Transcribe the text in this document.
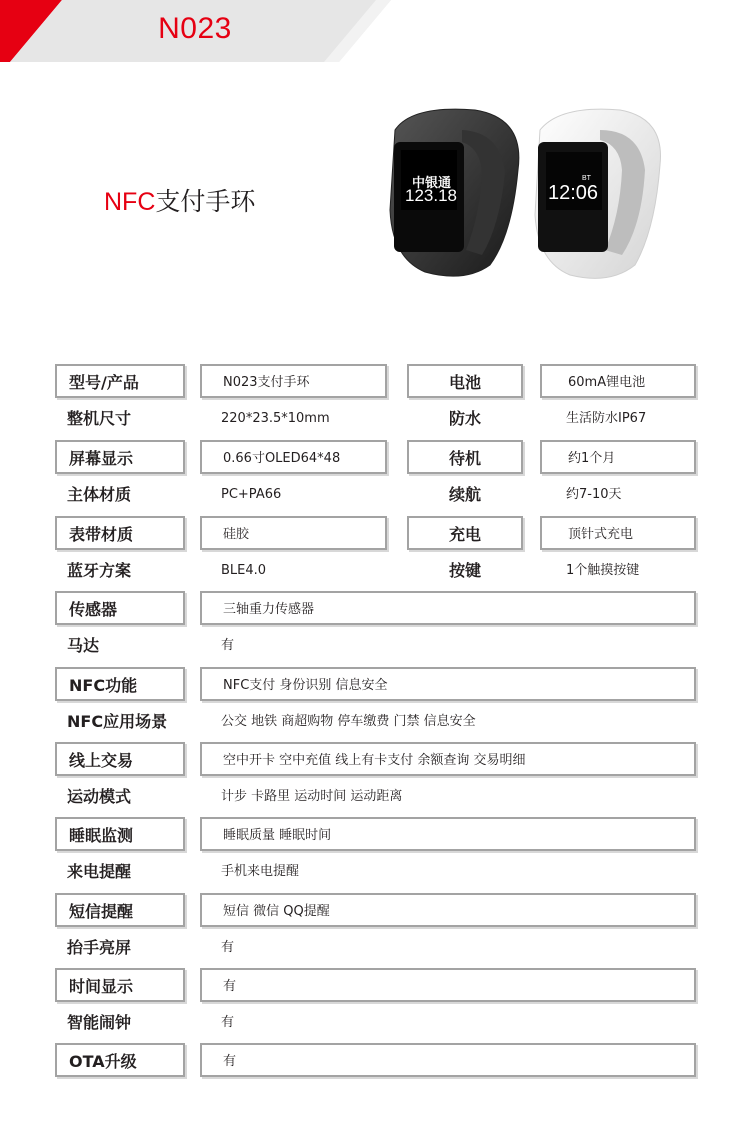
N023
NFC支付手环
中银通
123.18	12:06
BT
型号/产品	N023支付手环	电池	60mA锂电池
整机尺寸	220*23.5*10mm	防水	生活防水IP67
屏幕显示	0.66寸OLED64*48	待机	约1个月
主体材质	PC+PA66	续航	约7-10天
表带材质	硅胶	充电	顶针式充电
蓝牙方案	BLE4.0	按键	1个触摸按键
传感器	三轴重力传感器
马达	有
NFC功能	NFC支付 身份识别 信息安全
NFC应用场景	公交 地铁 商超购物 停车缴费 门禁 信息安全
线上交易	空中开卡 空中充值 线上有卡支付 余额查询 交易明细
运动模式	计步 卡路里 运动时间 运动距离
睡眠监测	睡眠质量 睡眠时间
来电提醒	手机来电提醒
短信提醒	短信 微信 QQ提醒
抬手亮屏	有
时间显示	有
智能闹钟	有
OTA升级	有
